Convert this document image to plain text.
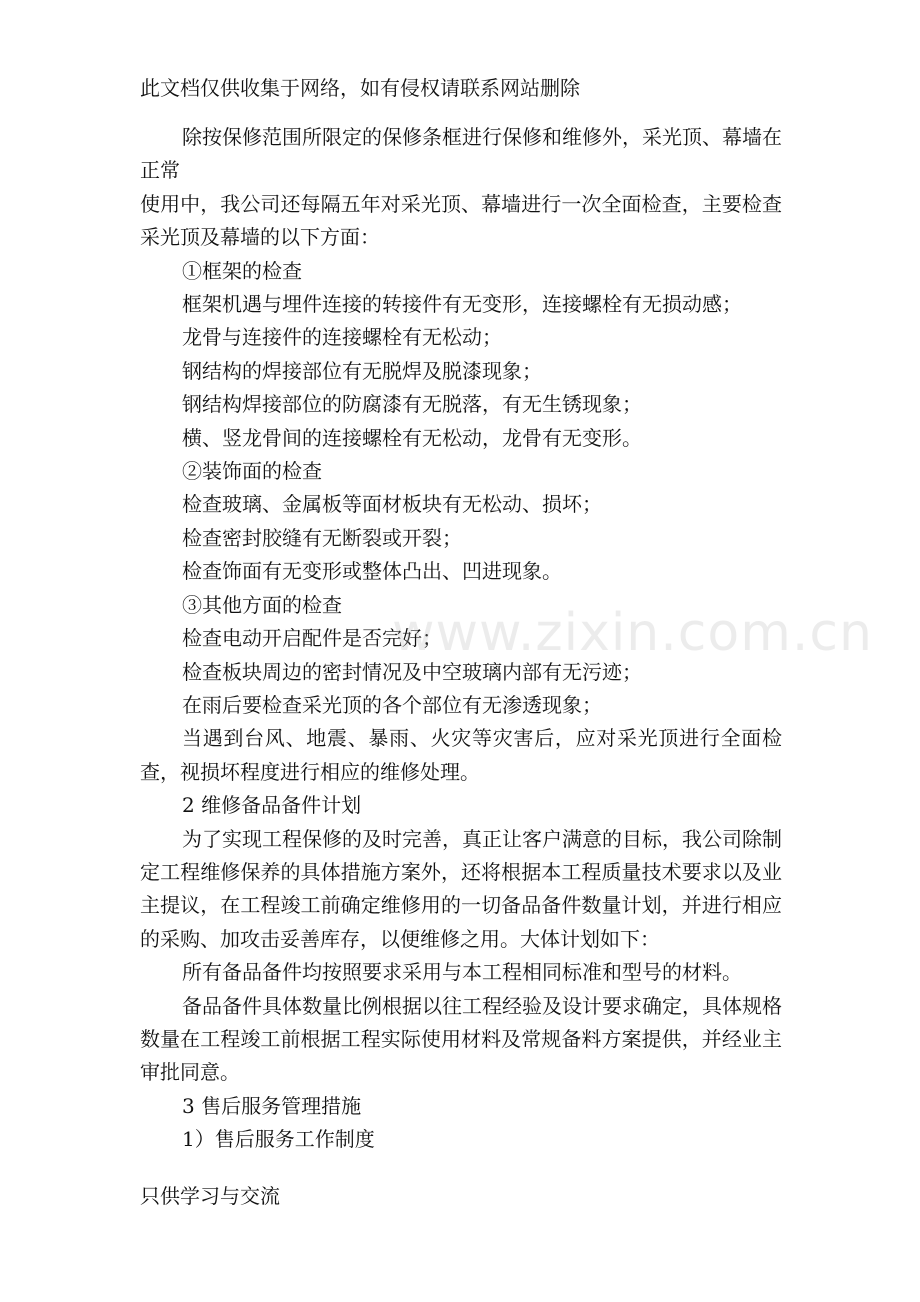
此文档仅供收集于网络，如有侵权请联系网站删除

除按保修范围所限定的保修条框进行保修和维修外，采光顶、幕墙在正常

使用中，我公司还每隔五年对采光顶、幕墙进行一次全面检查，主要检查采光顶及幕墙的以下方面：

①框架的检查

框架机遇与埋件连接的转接件有无变形，连接螺栓有无损动感；

龙骨与连接件的连接螺栓有无松动；

钢结构的焊接部位有无脱焊及脱漆现象；

钢结构焊接部位的防腐漆有无脱落，有无生锈现象；

横、竖龙骨间的连接螺栓有无松动，龙骨有无变形。

②装饰面的检查

检查玻璃、金属板等面材板块有无松动、损坏；

检查密封胶缝有无断裂或开裂；

检查饰面有无变形或整体凸出、凹进现象。

③其他方面的检查

检查电动开启配件是否完好；

检查板块周边的密封情况及中空玻璃内部有无污迹；

在雨后要检查采光顶的各个部位有无渗透现象；

当遇到台风、地震、暴雨、火灾等灾害后，应对采光顶进行全面检查，视损坏程度进行相应的维修处理。

2 维修备品备件计划

为了实现工程保修的及时完善，真正让客户满意的目标，我公司除制定工程维修保养的具体措施方案外，还将根据本工程质量技术要求以及业主提议，在工程竣工前确定维修用的一切备品备件数量计划，并进行相应的采购、加攻击妥善库存，以便维修之用。大体计划如下：

所有备品备件均按照要求采用与本工程相同标准和型号的材料。

备品备件具体数量比例根据以往工程经验及设计要求确定，具体规格数量在工程竣工前根据工程实际使用材料及常规备料方案提供，并经业主审批同意。

3 售后服务管理措施

1）售后服务工作制度

www.zixin.com.cn
只供学习与交流
